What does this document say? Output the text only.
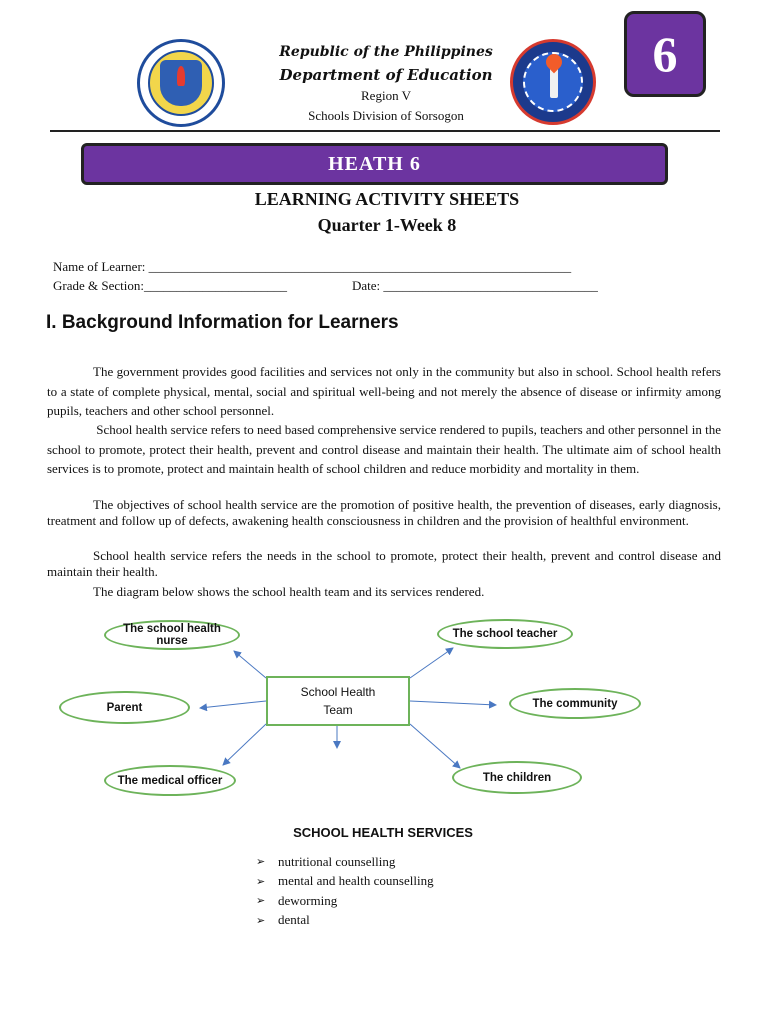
Republic of the Philippines
Department of Education
Region V
Schools Division of Sorsogon
6
HEATH 6
LEARNING ACTIVITY SHEETS
Quarter 1-Week 8
Name of Learner: _________________________________________________________________
Grade & Section:______________________	Date: _________________________________
I. Background Information for Learners
The government provides good facilities and services not only in the community but also in school. School health refers to a state of complete physical, mental, social and spiritual well-being and not merely the absence of disease or infirmity among pupils, teachers and other school personnel.
School health service refers to need based comprehensive service rendered to pupils, teachers and other personnel in the school to promote, protect their health, prevent and control disease and maintain their health. The ultimate aim of school health services is to promote, protect and maintain health of school children and reduce morbidity and mortality in them.
The objectives of school health service are the promotion of positive health, the prevention of diseases, early diagnosis, treatment and follow up of defects, awakening health consciousness in children and the provision of healthful environment.
School health service refers the needs in the school to promote, protect their health, prevent and control disease and maintain their health.
The diagram below shows the school health team and its services rendered.
School Health
Team
The school health nurse
The school teacher
Parent	The community
The medical officer	The children
SCHOOL HEALTH SERVICES
➢ nutritional counselling
➢ mental and health counselling
➢ deworming
➢ dental
